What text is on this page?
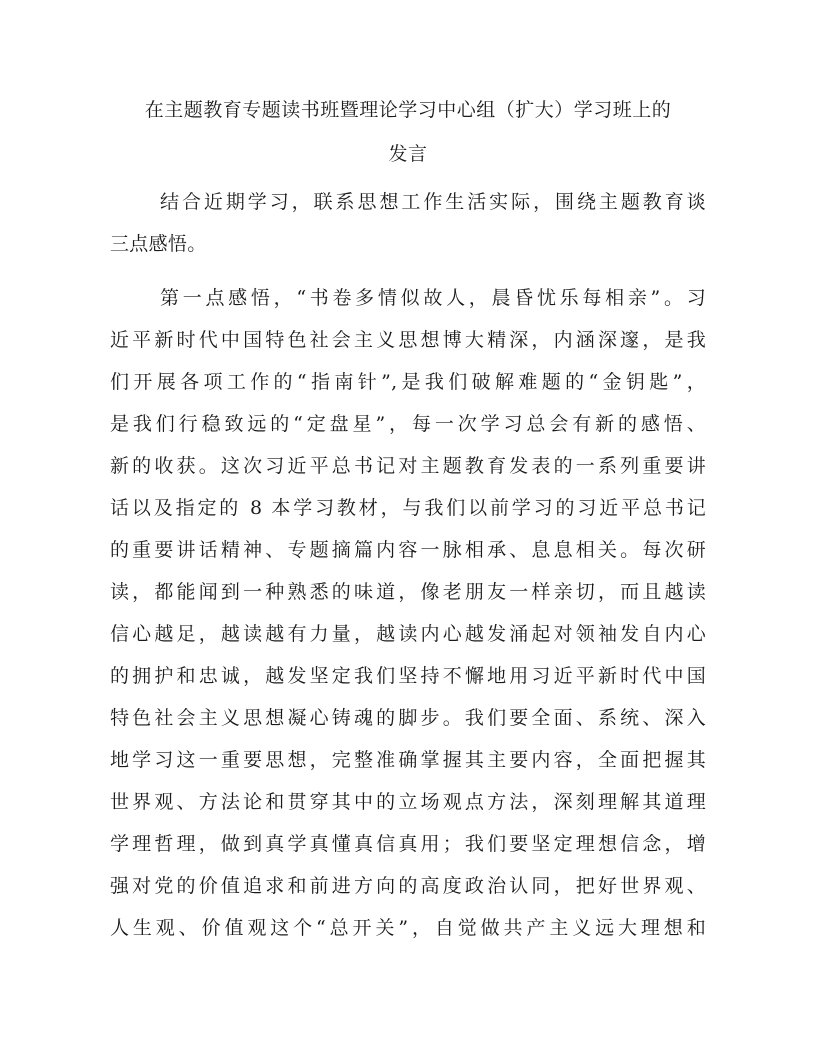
在主题教育专题读书班暨理论学习中心组（扩大）学习班上的
发言
结合近期学习，联系思想工作生活实际，围绕主题教育谈
三点感悟。
第一点感悟，“书卷多情似故人，晨昏忧乐每相亲”。习
近平新时代中国特色社会主义思想博大精深，内涵深邃，是我
们开展各项工作的“指南针”,是我们破解难题的“金钥匙”，
是我们行稳致远的“定盘星”，每一次学习总会有新的感悟、
新的收获。这次习近平总书记对主题教育发表的一系列重要讲
话以及指定的 8 本学习教材，与我们以前学习的习近平总书记
的重要讲话精神、专题摘篇内容一脉相承、息息相关。每次研
读，都能闻到一种熟悉的味道，像老朋友一样亲切，而且越读
信心越足，越读越有力量，越读内心越发涌起对领袖发自内心
的拥护和忠诚，越发坚定我们坚持不懈地用习近平新时代中国
特色社会主义思想凝心铸魂的脚步。我们要全面、系统、深入
地学习这一重要思想，完整准确掌握其主要内容，全面把握其
世界观、方法论和贯穿其中的立场观点方法，深刻理解其道理
学理哲理，做到真学真懂真信真用；我们要坚定理想信念，增
强对党的价值追求和前进方向的高度政治认同，把好世界观、
人生观、价值观这个“总开关”，自觉做共产主义远大理想和
